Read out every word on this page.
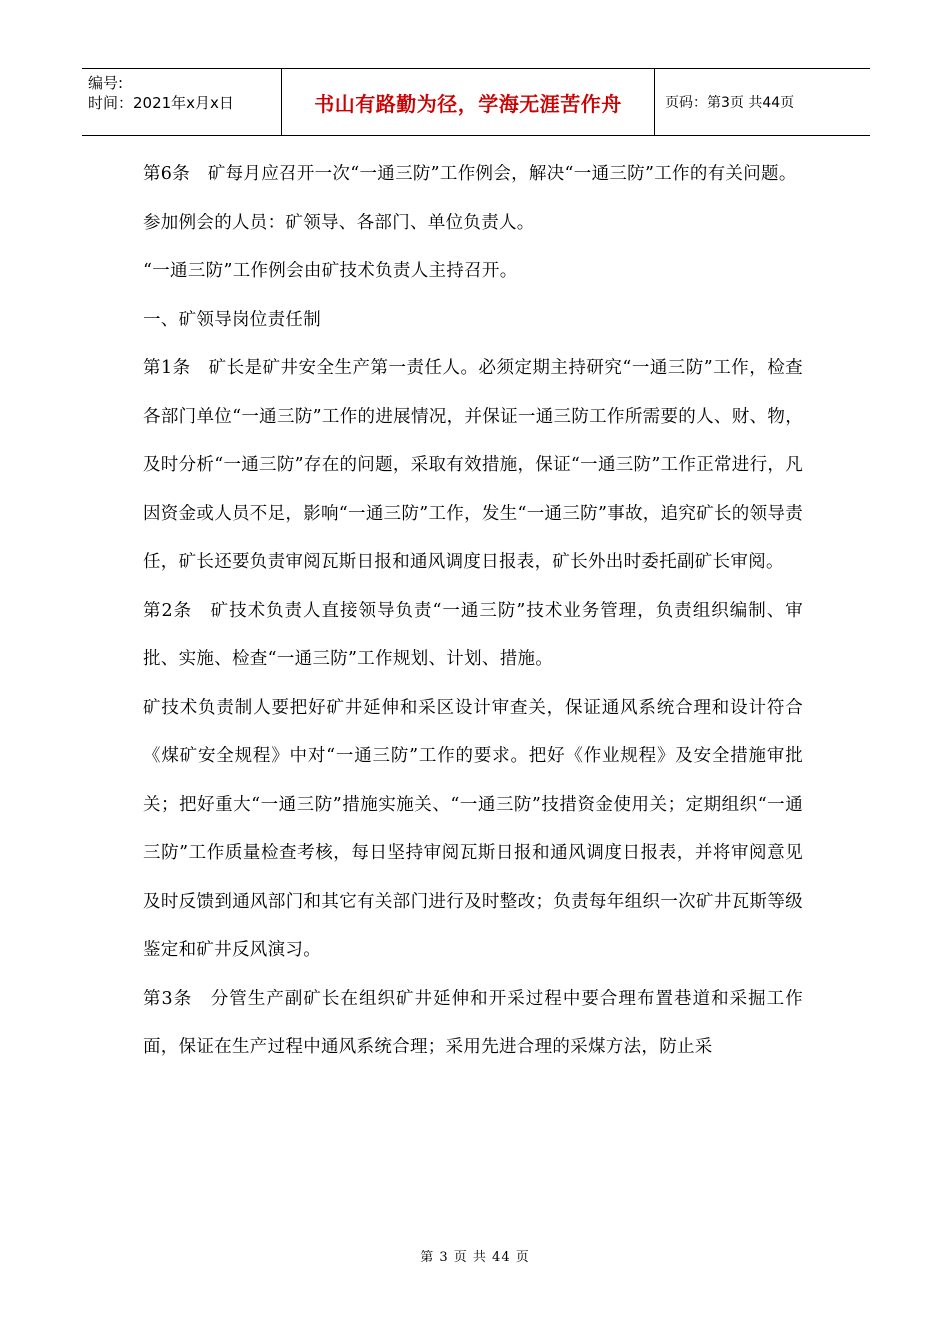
编号:
时间：2021年x月x日	书山有路勤为径，学海无涯苦作舟	页码：第3页 共44页

第6条　矿每月应召开一次“一通三防”工作例会，解决“一通三防”工作的有关问题。

参加例会的人员：矿领导、各部门、单位负责人。

“一通三防”工作例会由矿技术负责人主持召开。

一、矿领导岗位责任制

第1条　矿长是矿井安全生产第一责任人。必须定期主持研究“一通三防”工作，检查各部门单位“一通三防”工作的进展情况，并保证一通三防工作所需要的人、财、物，及时分析“一通三防”存在的问题，采取有效措施，保证“一通三防”工作正常进行，凡因资金或人员不足，影响“一通三防”工作，发生“一通三防”事故，追究矿长的领导责任，矿长还要负责审阅瓦斯日报和通风调度日报表，矿长外出时委托副矿长审阅。

第2条　矿技术负责人直接领导负责“一通三防”技术业务管理，负责组织编制、审批、实施、检查“一通三防”工作规划、计划、措施。

矿技术负责制人要把好矿井延伸和采区设计审查关，保证通风系统合理和设计符合《煤矿安全规程》中对“一通三防”工作的要求。把好《作业规程》及安全措施审批关；把好重大“一通三防”措施实施关、“一通三防”技措资金使用关；定期组织“一通三防”工作质量检查考核，每日坚持审阅瓦斯日报和通风调度日报表，并将审阅意见及时反馈到通风部门和其它有关部门进行及时整改；负责每年组织一次矿井瓦斯等级鉴定和矿井反风演习。

第3条　分管生产副矿长在组织矿井延伸和开采过程中要合理布置巷道和采掘工作面，保证在生产过程中通风系统合理；采用先进合理的采煤方法，防止采

第 3 页 共 44 页
